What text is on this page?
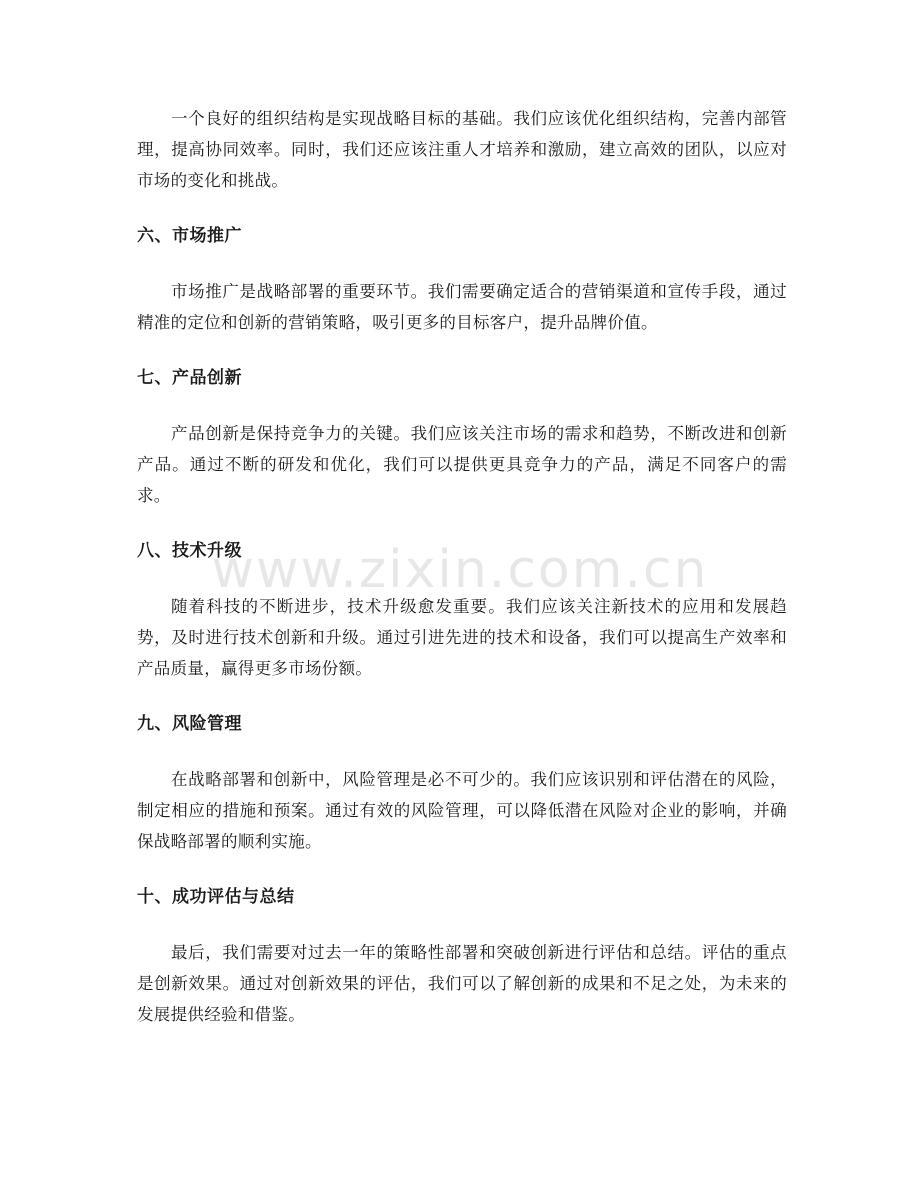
一个良好的组织结构是实现战略目标的基础。我们应该优化组织结构，完善内部管理，提高协同效率。同时，我们还应该注重人才培养和激励，建立高效的团队，以应对市场的变化和挑战。

六、市场推广

市场推广是战略部署的重要环节。我们需要确定适合的营销渠道和宣传手段，通过精准的定位和创新的营销策略，吸引更多的目标客户，提升品牌价值。

七、产品创新

产品创新是保持竞争力的关键。我们应该关注市场的需求和趋势，不断改进和创新产品。通过不断的研发和优化，我们可以提供更具竞争力的产品，满足不同客户的需求。

八、技术升级

随着科技的不断进步，技术升级愈发重要。我们应该关注新技术的应用和发展趋势，及时进行技术创新和升级。通过引进先进的技术和设备，我们可以提高生产效率和产品质量，赢得更多市场份额。

九、风险管理

在战略部署和创新中，风险管理是必不可少的。我们应该识别和评估潜在的风险，制定相应的措施和预案。通过有效的风险管理，可以降低潜在风险对企业的影响，并确保战略部署的顺利实施。

十、成功评估与总结

最后，我们需要对过去一年的策略性部署和突破创新进行评估和总结。评估的重点是创新效果。通过对创新效果的评估，我们可以了解创新的成果和不足之处，为未来的发展提供经验和借鉴。

www.zixin.com.cn
